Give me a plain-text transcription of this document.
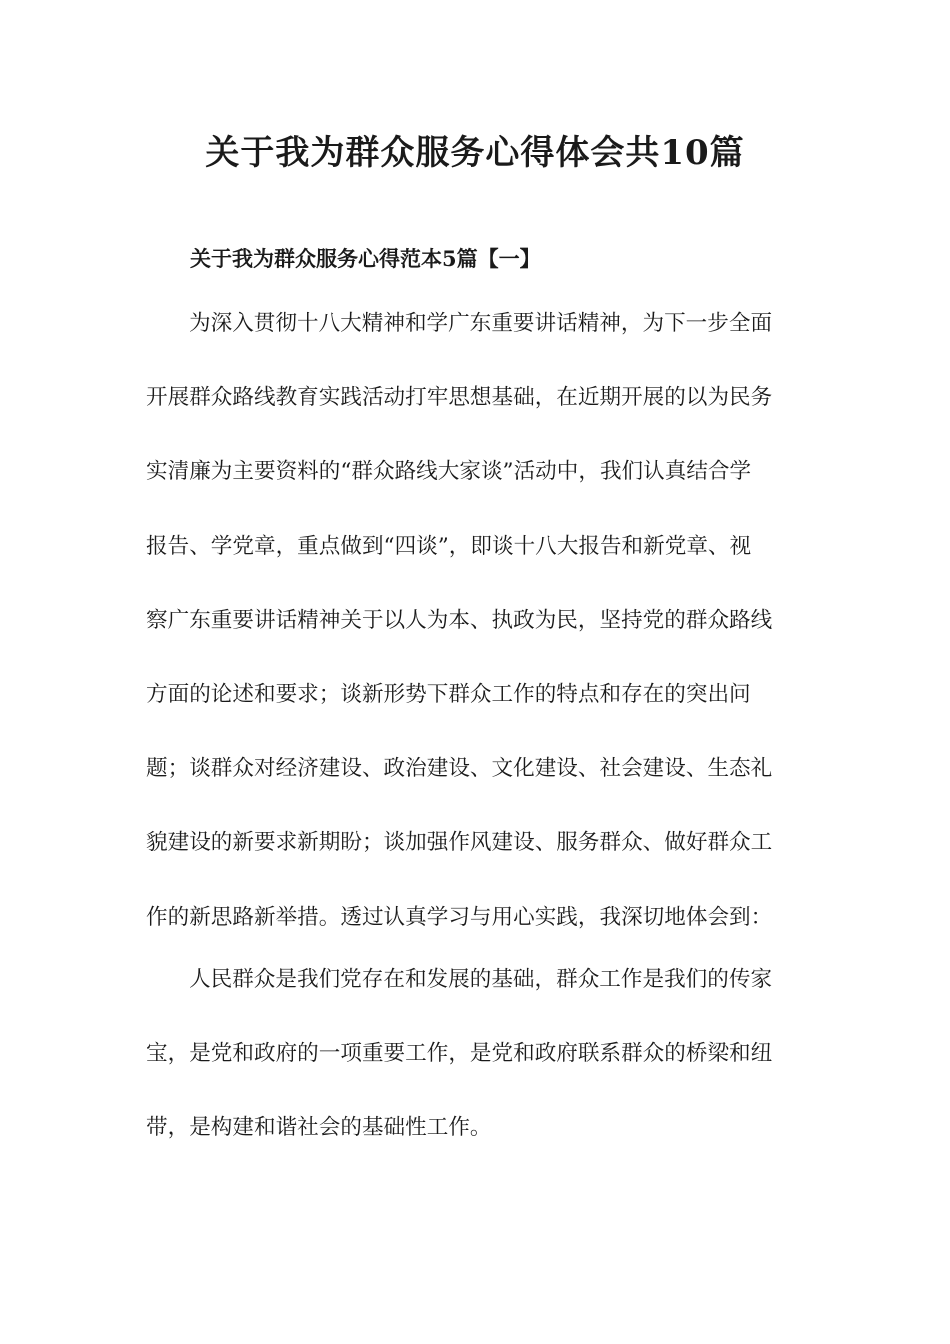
关于我为群众服务心得体会共10篇
关于我为群众服务心得范本5篇【一】
为深入贯彻十八大精神和学广东重要讲话精神，为下一步全面
开展群众路线教育实践活动打牢思想基础，在近期开展的以为民务
实清廉为主要资料的“群众路线大家谈”活动中，我们认真结合学
报告、学党章，重点做到“四谈”，即谈十八大报告和新党章、视
察广东重要讲话精神关于以人为本、执政为民，坚持党的群众路线
方面的论述和要求；谈新形势下群众工作的特点和存在的突出问
题；谈群众对经济建设、政治建设、文化建设、社会建设、生态礼
貌建设的新要求新期盼；谈加强作风建设、服务群众、做好群众工
作的新思路新举措。透过认真学习与用心实践，我深切地体会到：
人民群众是我们党存在和发展的基础，群众工作是我们的传家
宝，是党和政府的一项重要工作，是党和政府联系群众的桥梁和纽
带，是构建和谐社会的基础性工作。
